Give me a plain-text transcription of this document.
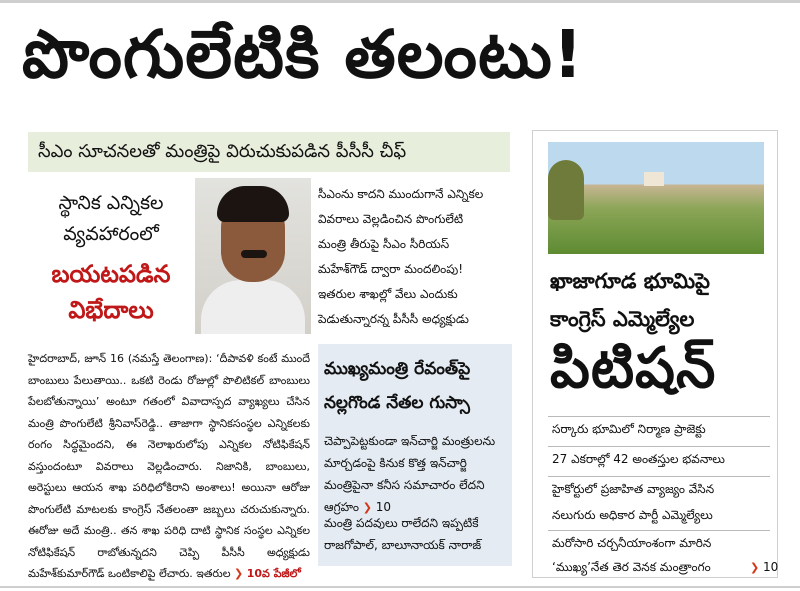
పొంగులేటికి తలంటు!
సీఎం సూచనలతో మంత్రిపై విరుచుకుపడిన పీసీసీ చీఫ్
స్థానిక ఎన్నికల
వ్యవహారంలో
బయటపడిన
విభేదాలు
సీఎంను కాదని ముందుగానే ఎన్నికల
వివరాలు వెల్లడించిన పొంగులేటి
మంత్రి తీరుపై సీఎం సీరియస్
మహేశ్‌గౌడ్‌ ద్వారా మందలింపు!
ఇతరుల శాఖల్లో వేలు ఎందుకు
పెడుతున్నారన్న పీసీసీ అధ్యక్షుడు
హైదరాబాద్, జూన్ 16 (నమస్తే తెలంగాణ): ‘దీపావళి కంటే ముందే బాంబులు పేలుతాయి.. ఒకటి రెండు రోజుల్లో పొలిటికల్ బాంబులు పేలబోతున్నాయి’ అంటూ గతంలో వివాదాస్పద వ్యాఖ్యలు చేసిన మంత్రి పొంగులేటి శ్రీనివాస్‌రెడ్డి.. తాజాగా స్థానికసంస్థల ఎన్నికలకు రంగం సిద్ధమైందని, ఈ నెలాఖరులోపు ఎన్నికల నోటిఫికేషన్ వస్తుందంటూ వివరాలు వెల్లడించారు. నిజానికి, బాంబులు, అరెస్టులు ఆయన శాఖ పరిధిలోకిరాని అంశాలు! అయినా ఆరోజు పొంగులేటి మాటలకు కాంగ్రెస్ నేతలంతా జబ్బలు చరుచుకున్నారు. ఈరోజు అదే మంత్రి.. తన శాఖ పరిధి దాటి స్థానిక సంస్థల ఎన్నికల నోటిఫికేషన్ రాబోతున్నదని చెప్పి పీసీసీ అధ్యక్షుడు మహేశ్‌కుమార్‌గౌడ్ ఒంటికాలిపై లేచారు. ఇతరుల ❯ 10వ పేజీలో
ముఖ్యమంత్రి రేవంత్‌పై
నల్లగొండ నేతల గుస్సా
చెప్పాపెట్టకుండా ఇన్‌చార్జి మంత్రులను మార్చడంపై కినుక కొత్త ఇన్‌చార్జి మంత్రిపైనా కనీస సమాచారం లేదని ఆగ్రహం ❯ 10
మంత్రి పదవులు రాలేదని ఇప్పటికే రాజగోపాల్, బాలూనాయక్ నారాజ్
ఖాజాగూడ భూమిపై
కాంగ్రెస్ ఎమ్మెల్యేల
పిటిషన్
సర్కారు భూమిలో నిర్మాణ ప్రాజెక్టు
27 ఎకరాల్లో 42 అంతస్తుల భవనాలు
హైకోర్టులో ప్రజాహిత వ్యాజ్యం వేసిన
నలుగురు అధికార పార్టీ ఎమ్మెల్యేలు
మరోసారి చర్చనీయాంశంగా మారిన
‘ముఖ్య’నేత తెర వెనక మంత్రాంగం	❯ 10
